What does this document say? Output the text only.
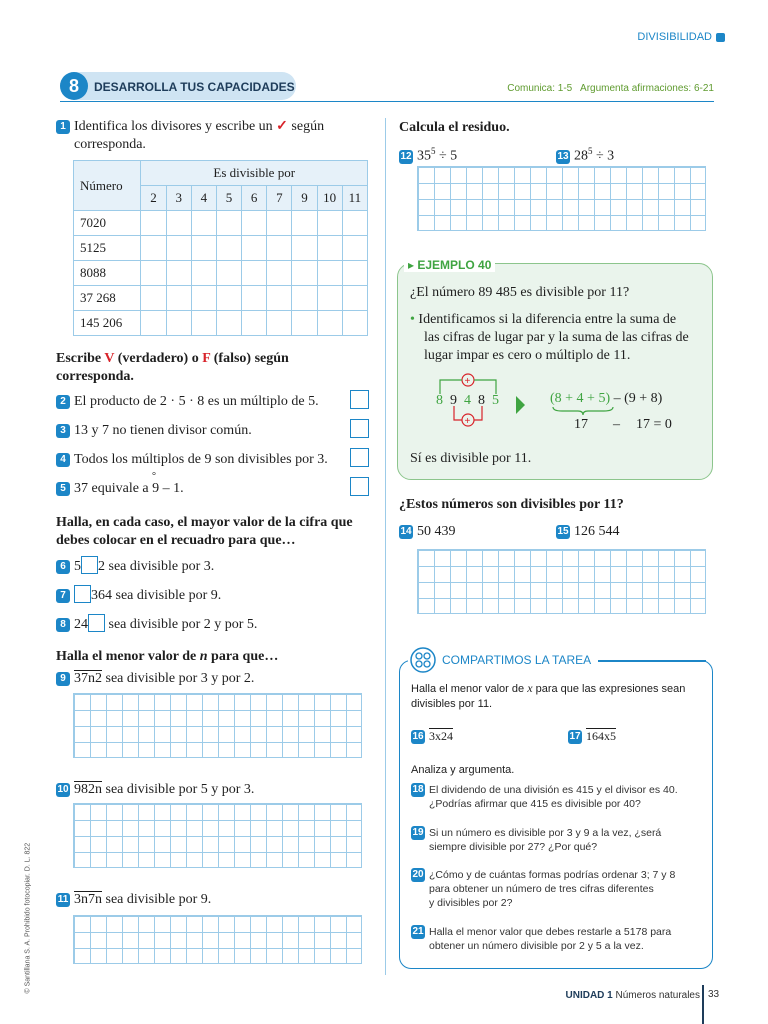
DIVISIBILIDAD
8	DESARROLLA TUS CAPACIDADES	Comunica: 1-5   Argumenta afirmaciones: 6-21
1 Identifica los divisores y escribe un ✓ según
corresponda.
Número	Es divisible por								
	2	3	4	5	6	7	9	10	11
7020									
5125									
8088									
37 268									
145 206									
Escribe V (verdadero) o F (falso) según
corresponda.
2 El producto de 2 · 5 · 8 es un múltiplo de 5.
3 13 y 7 no tienen divisor común.
4 Todos los múltiplos de 9 son divisibles por 3.
5 37 equivale a 9 – 1.
°
Halla, en cada caso, el mayor valor de la cifra que
debes colocar en el recuadro para que…
6 5 2 sea divisible por 3.
7 364 sea divisible por 9.
8 24 sea divisible por 2 y por 5.
Halla el menor valor de n para que…
9 37n2 sea divisible por 3 y por 2.
10 982n sea divisible por 5 y por 3.
11 3n7n sea divisible por 9.
Calcula el residuo.
12 $35^5 \div 5$	13 $28^5 \div 3$
▸ EJEMPLO 40
¿El número 89 485 es divisible por 11?
• Identificamos si la diferencia entre la suma de
las cifras de lugar par y la suma de las cifras de
lugar impar es cero o múltiplo de 11.
+
+
8 9 4 8 5	(8 + 4 + 5) – (9 + 8)
17 – 17 = 0
Sí es divisible por 11.
¿Estos números son divisibles por 11?
14 50 439	15 126 544
COMPARTIMOS LA TAREA
Halla el menor valor de x para que las expresiones sean
divisibles por 11.
16 3x24	17 164x5
Analiza y argumenta.
18 El dividendo de una división es 415 y el divisor es 40.
¿Podrías afirmar que 415 es divisible por 40?
19 Si un número es divisible por 3 y 9 a la vez, ¿será
siempre divisible por 27? ¿Por qué?
20 ¿Cómo y de cuántas formas podrías ordenar 3; 7 y 8
para obtener un número de tres cifras diferentes
y divisibles por 2?
21 Halla el menor valor que debes restarle a 5178 para
obtener un número divisible por 2 y 5 a la vez.
© Santillana S. A. Prohibido fotocopiar. D. L. 822
UNIDAD 1 Números naturales 33
